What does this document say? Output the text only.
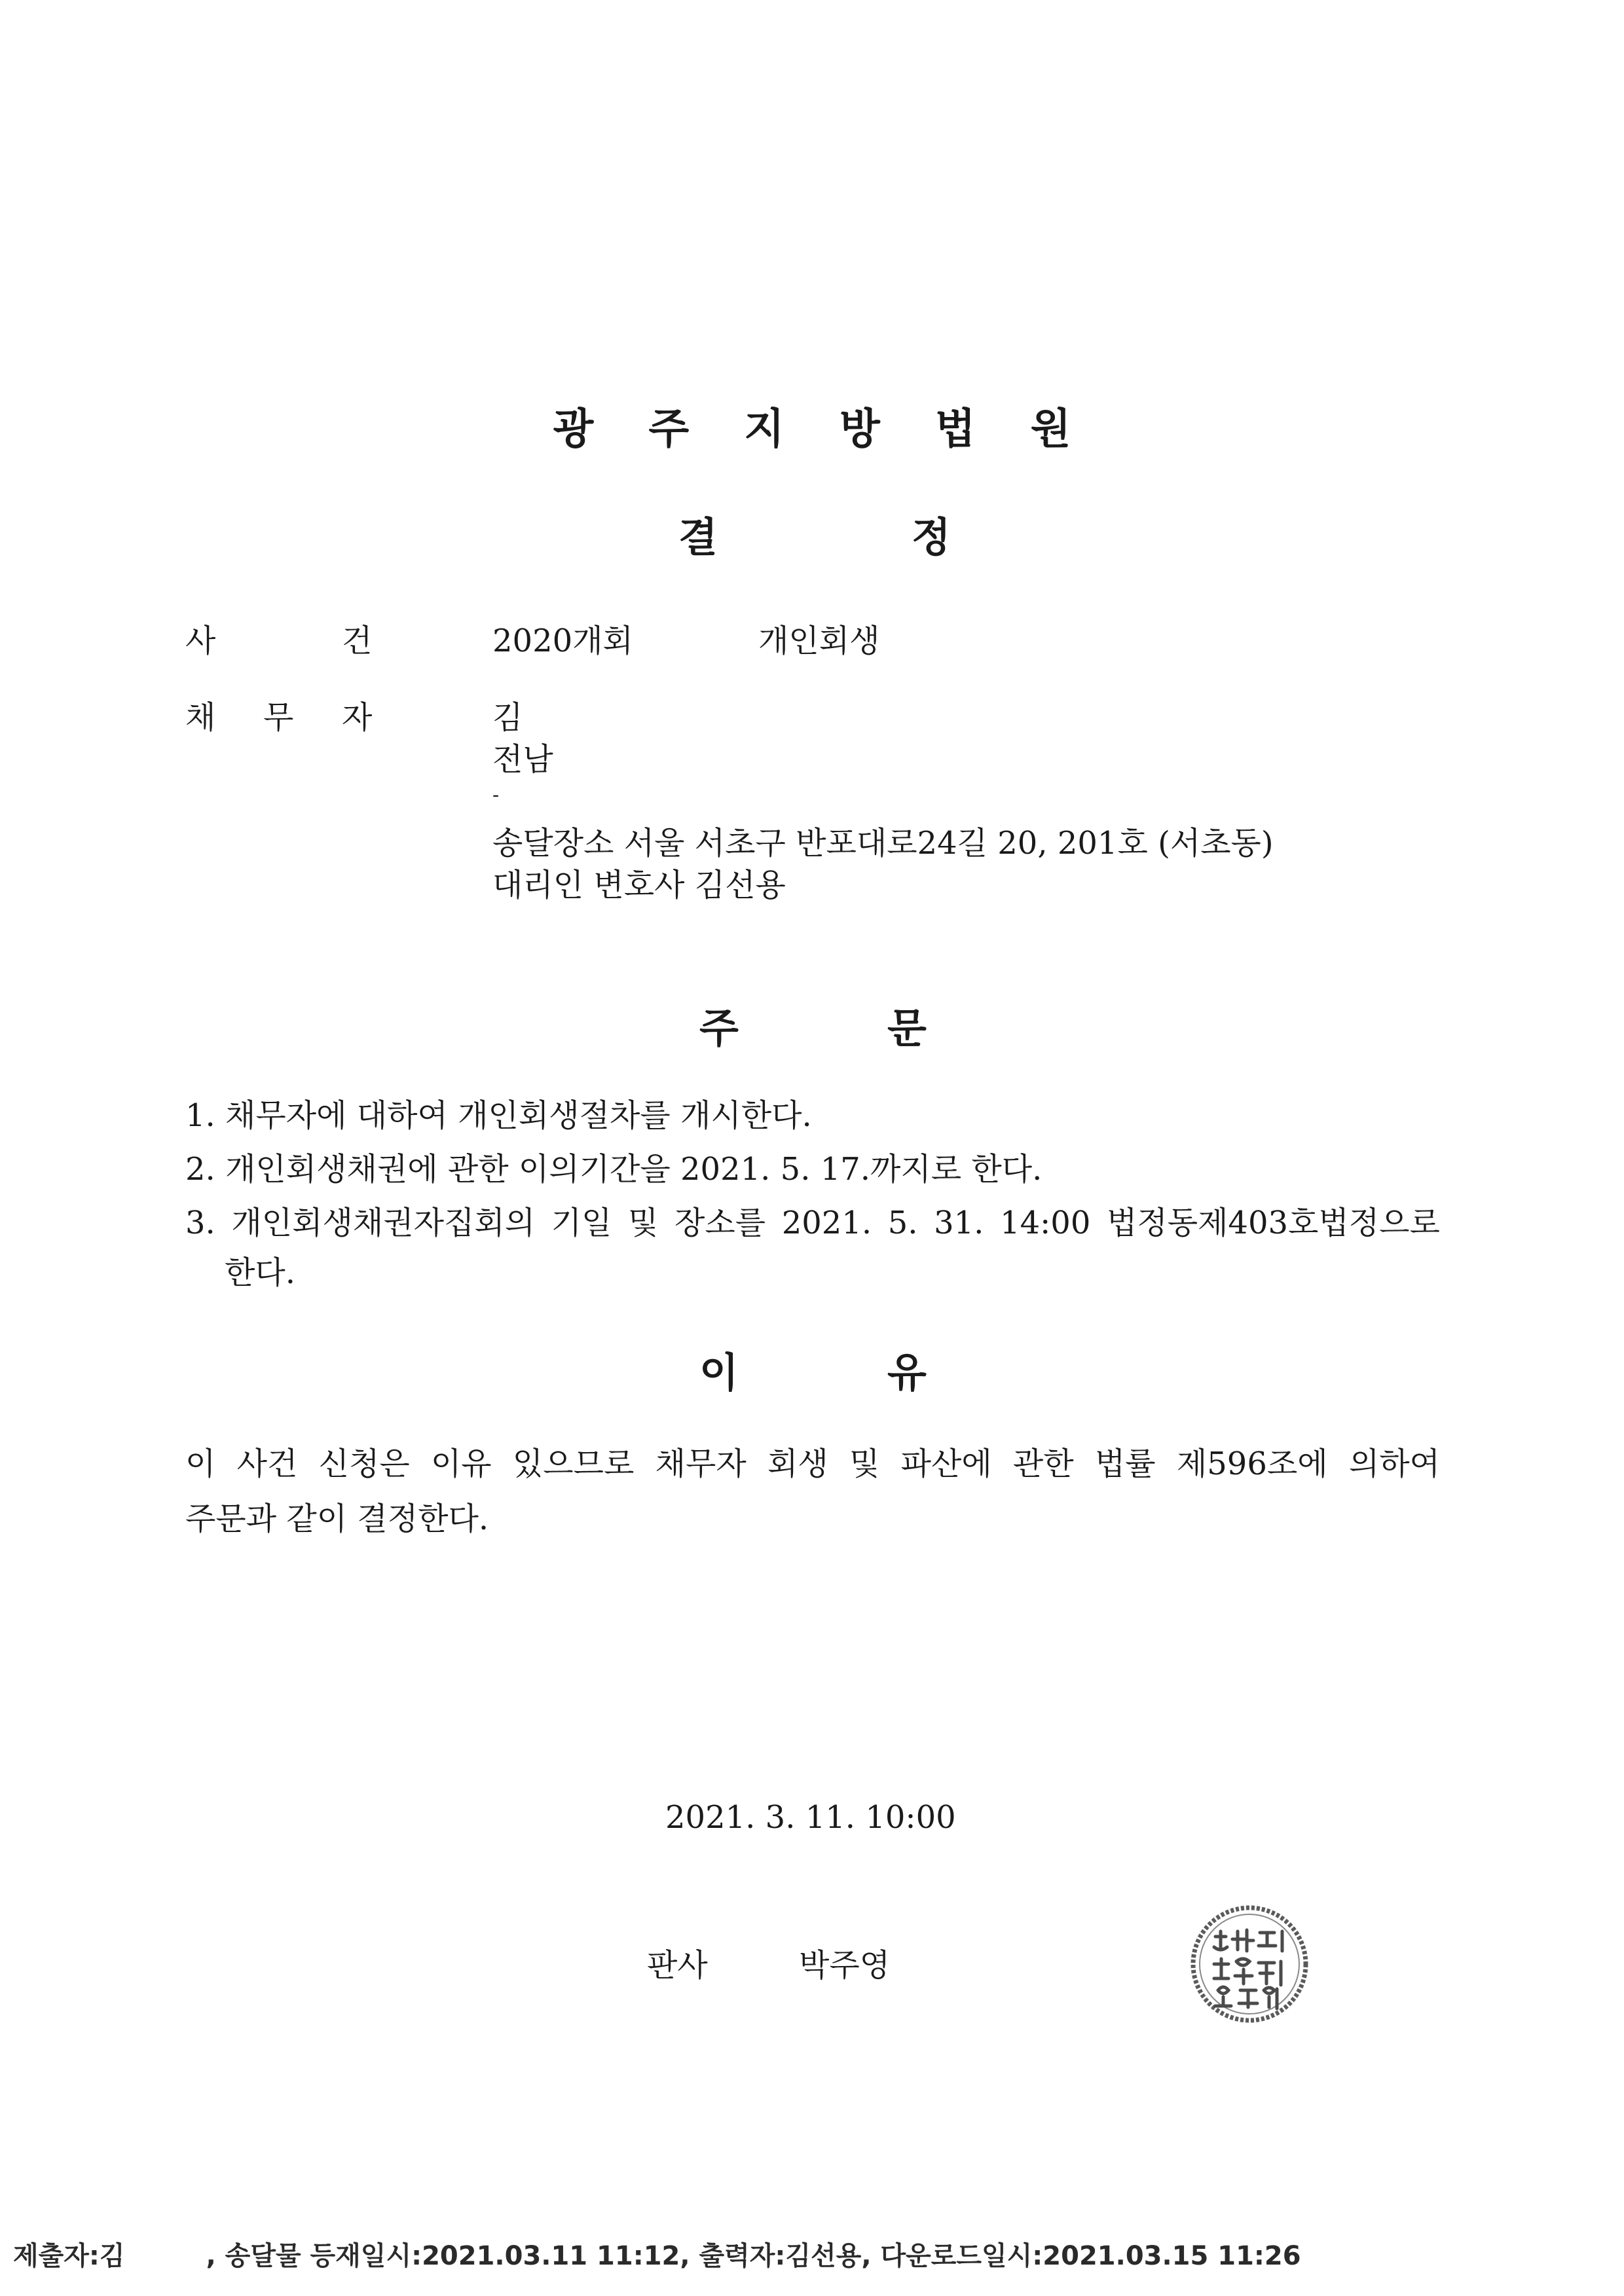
광 주 지 방 법 원
결	정
사	건	2020개회	개인회생
채 무 자	김
전남
-
송달장소 서울 서초구 반포대로24길 20, 201호 (서초동)
대리인 변호사 김선용
주	문
1. 채무자에 대하여 개인회생절차를 개시한다.
2. 개인회생채권에 관한 이의기간을 2021. 5. 17.까지로 한다.
3. 개인회생채권자집회의 기일 및 장소를 2021. 5. 31. 14:00 법정동제403호법정으로
한다.
이	유
이 사건 신청은 이유 있으므로 채무자 회생 및 파산에 관한 법률 제596조에 의하여
주문과 같이 결정한다.
2021. 3. 11. 10:00
판사	박주영
제출자:김	, 송달물 등재일시:2021.03.11 11:12, 출력자:김선용, 다운로드일시:2021.03.15 11:26
